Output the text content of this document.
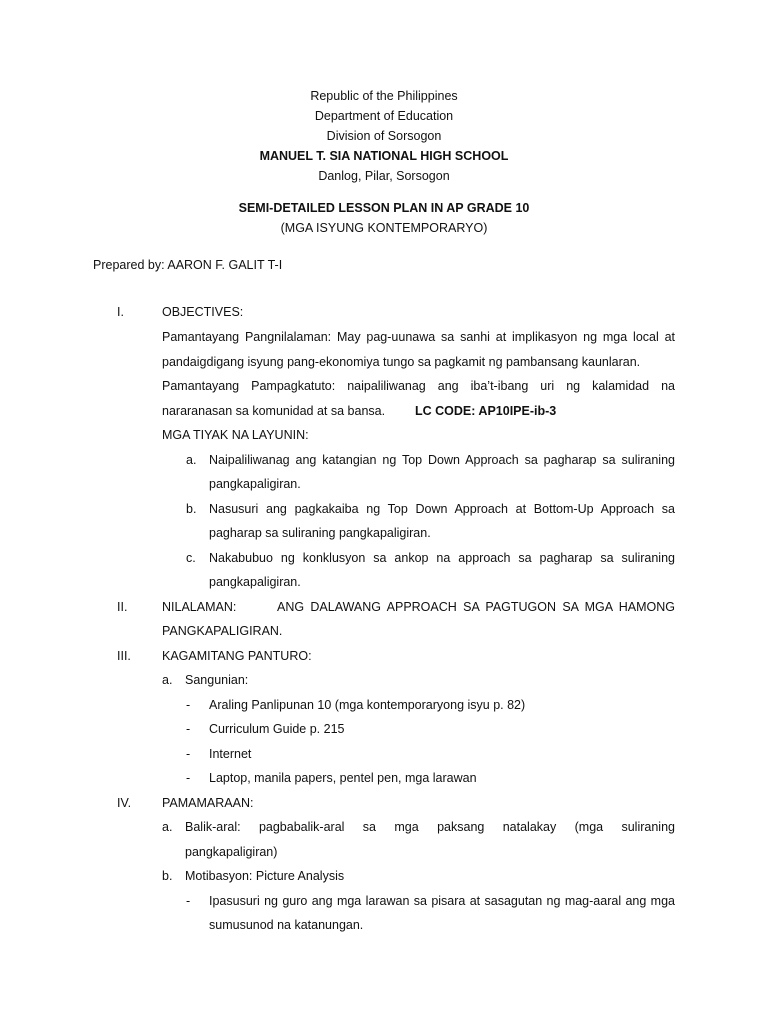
Republic of the Philippines
Department of Education
Division of Sorsogon
MANUEL T. SIA NATIONAL HIGH SCHOOL
Danlog, Pilar, Sorsogon
SEMI-DETAILED LESSON PLAN IN AP GRADE 10
(MGA ISYUNG KONTEMPORARYO)
Prepared by: AARON F. GALIT T-I
I.	OBJECTIVES:
Pamantayang Pangnilalaman: May pag-uunawa sa sanhi at implikasyon ng mga local at
pandaigdigang isyung pang-ekonomiya tungo sa pagkamit ng pambansang kaunlaran.
Pamantayang Pampagkatuto: naipaliliwanag ang iba’t-ibang uri ng kalamidad na
nararanasan sa komunidad at sa bansa. LC CODE: AP10IPE-ib-3
MGA TIYAK NA LAYUNIN:
a. Naipaliliwanag ang katangian ng Top Down Approach sa pagharap sa suliraning
pangkapaligiran.
b. Nasusuri ang pagkakaiba ng Top Down Approach at Bottom-Up Approach sa
pagharap sa suliraning pangkapaligiran.
c. Nakabubuo ng konklusyon sa ankop na approach sa pagharap sa suliraning
pangkapaligiran.
II.	NILALAMAN:	ANG DALAWANG APPROACH SA PAGTUGON SA MGA HAMONG
PANGKAPALIGIRAN.
III. KAGAMITANG PANTURO:
a. Sangunian:
- Araling Panlipunan 10 (mga kontemporaryong isyu p. 82)
- Curriculum Guide p. 215
- Internet
- Laptop, manila papers, pentel pen, mga larawan
IV. PAMAMARAAN:
a. Balik-aral: pagbabalik-aral sa mga paksang natalakay (mga suliraning
pangkapaligiran)
b. Motibasyon: Picture Analysis
- Ipasusuri ng guro ang mga larawan sa pisara at sasagutan ng mag-aaral ang mga
sumusunod na katanungan.
